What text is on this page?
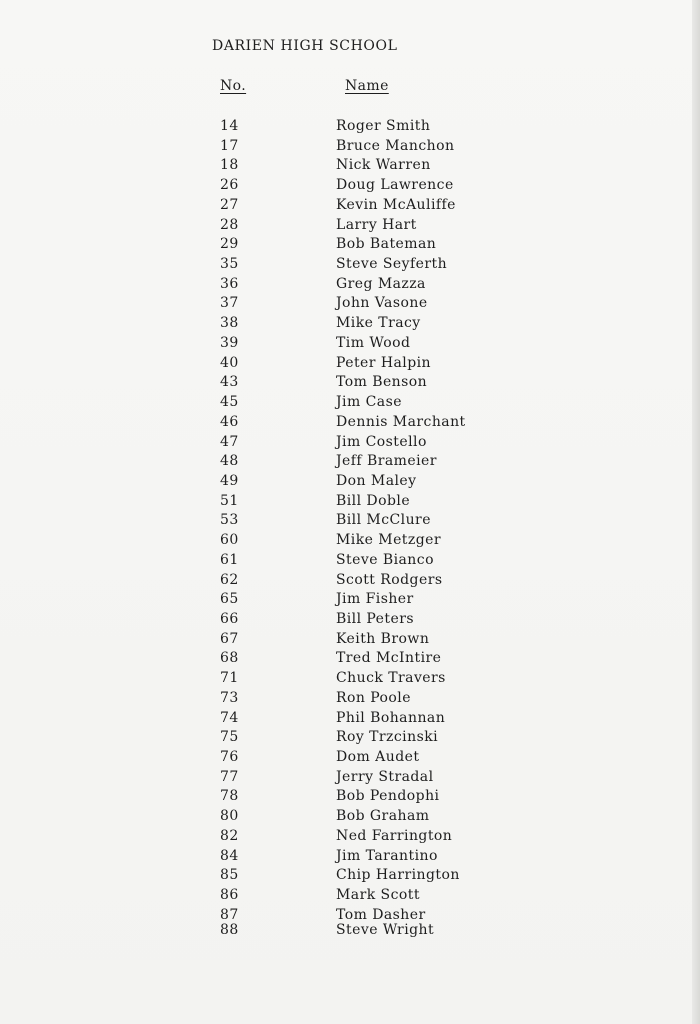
DARIEN HIGH SCHOOL
No.	Name
14	Roger Smith
17	Bruce Manchon
18	Nick Warren
26	Doug Lawrence
27	Kevin McAuliffe
28	Larry Hart
29	Bob Bateman
35	Steve Seyferth
36	Greg Mazza
37	John Vasone
38	Mike Tracy
39	Tim Wood
40	Peter Halpin
43	Tom Benson
45	Jim Case
46	Dennis Marchant
47	Jim Costello
48	Jeff Brameier
49	Don Maley
51	Bill Doble
53	Bill McClure
60	Mike Metzger
61	Steve Bianco
62	Scott Rodgers
65	Jim Fisher
66	Bill Peters
67	Keith Brown
68	Tred McIntire
71	Chuck Travers
73	Ron Poole
74	Phil Bohannan
75	Roy Trzcinski
76	Dom Audet
77	Jerry Stradal
78	Bob Pendophi
80	Bob Graham
82	Ned Farrington
84	Jim Tarantino
85	Chip Harrington
86	Mark Scott
87	Tom Dasher
88	Steve Wright
